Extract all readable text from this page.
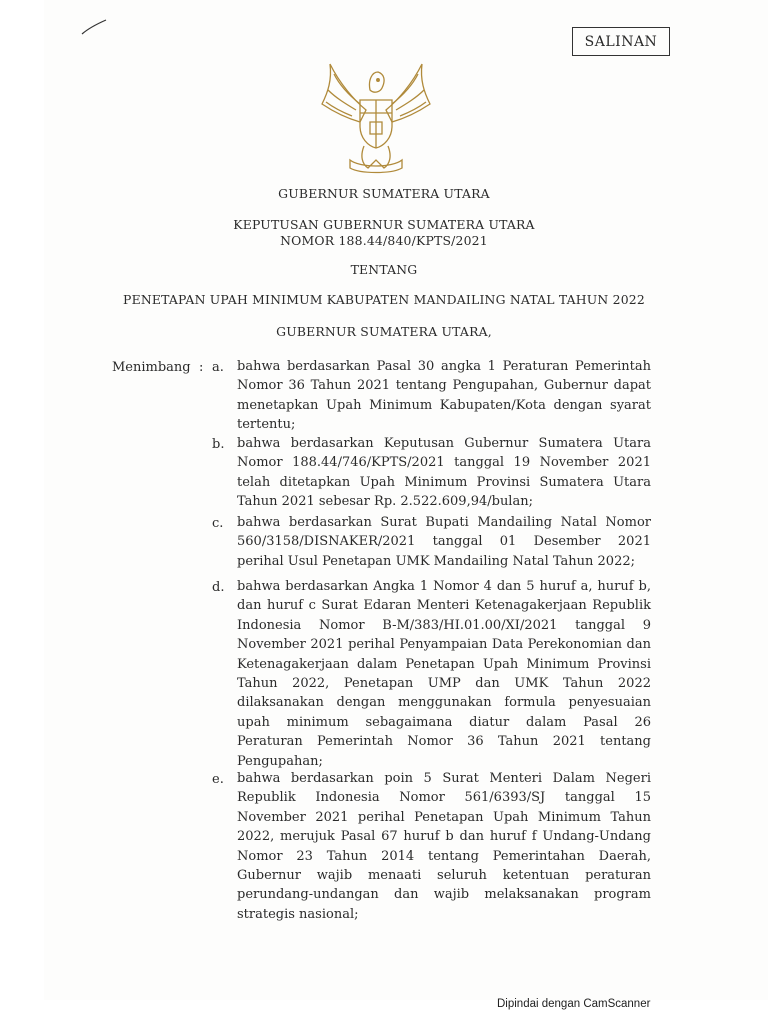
SALINAN
GUBERNUR SUMATERA UTARA
KEPUTUSAN GUBERNUR SUMATERA UTARA
NOMOR 188.44/840/KPTS/2021
TENTANG
PENETAPAN UPAH MINIMUM KABUPATEN MANDAILING NATAL TAHUN 2022
GUBERNUR SUMATERA UTARA,
Menimbang : a.	bahwa berdasarkan Pasal 30 angka 1 Peraturan Pemerintah
Nomor 36 Tahun 2021 tentang Pengupahan, Gubernur dapat
menetapkan Upah Minimum Kabupaten/Kota dengan syarat
tertentu;
b. bahwa berdasarkan Keputusan Gubernur Sumatera Utara
Nomor 188.44/746/KPTS/2021 tanggal 19 November 2021
telah ditetapkan Upah Minimum Provinsi Sumatera Utara
Tahun 2021 sebesar Rp. 2.522.609,94/bulan;
c.	bahwa berdasarkan Surat Bupati Mandailing Natal Nomor
560/3158/DISNAKER/2021 tanggal 01 Desember 2021
perihal Usul Penetapan UMK Mandailing Natal Tahun 2022;
d. bahwa berdasarkan Angka 1 Nomor 4 dan 5 huruf a, huruf b,
dan huruf c Surat Edaran Menteri Ketenagakerjaan Republik
Indonesia Nomor B-M/383/HI.01.00/XI/2021 tanggal 9
November 2021 perihal Penyampaian Data Perekonomian dan
Ketenagakerjaan dalam Penetapan Upah Minimum Provinsi
Tahun 2022, Penetapan UMP dan UMK Tahun 2022
dilaksanakan dengan menggunakan formula penyesuaian
upah minimum sebagaimana diatur dalam Pasal 26
Peraturan Pemerintah Nomor 36 Tahun 2021 tentang
Pengupahan;
e.	bahwa berdasarkan poin 5 Surat Menteri Dalam Negeri
Republik Indonesia Nomor 561/6393/SJ tanggal 15
November 2021 perihal Penetapan Upah Minimum Tahun
2022, merujuk Pasal 67 huruf b dan huruf f Undang-Undang
Nomor 23 Tahun 2014 tentang Pemerintahan Daerah,
Gubernur wajib menaati seluruh ketentuan peraturan
perundang-undangan dan wajib melaksanakan program
strategis nasional;
Dipindai dengan CamScanner
